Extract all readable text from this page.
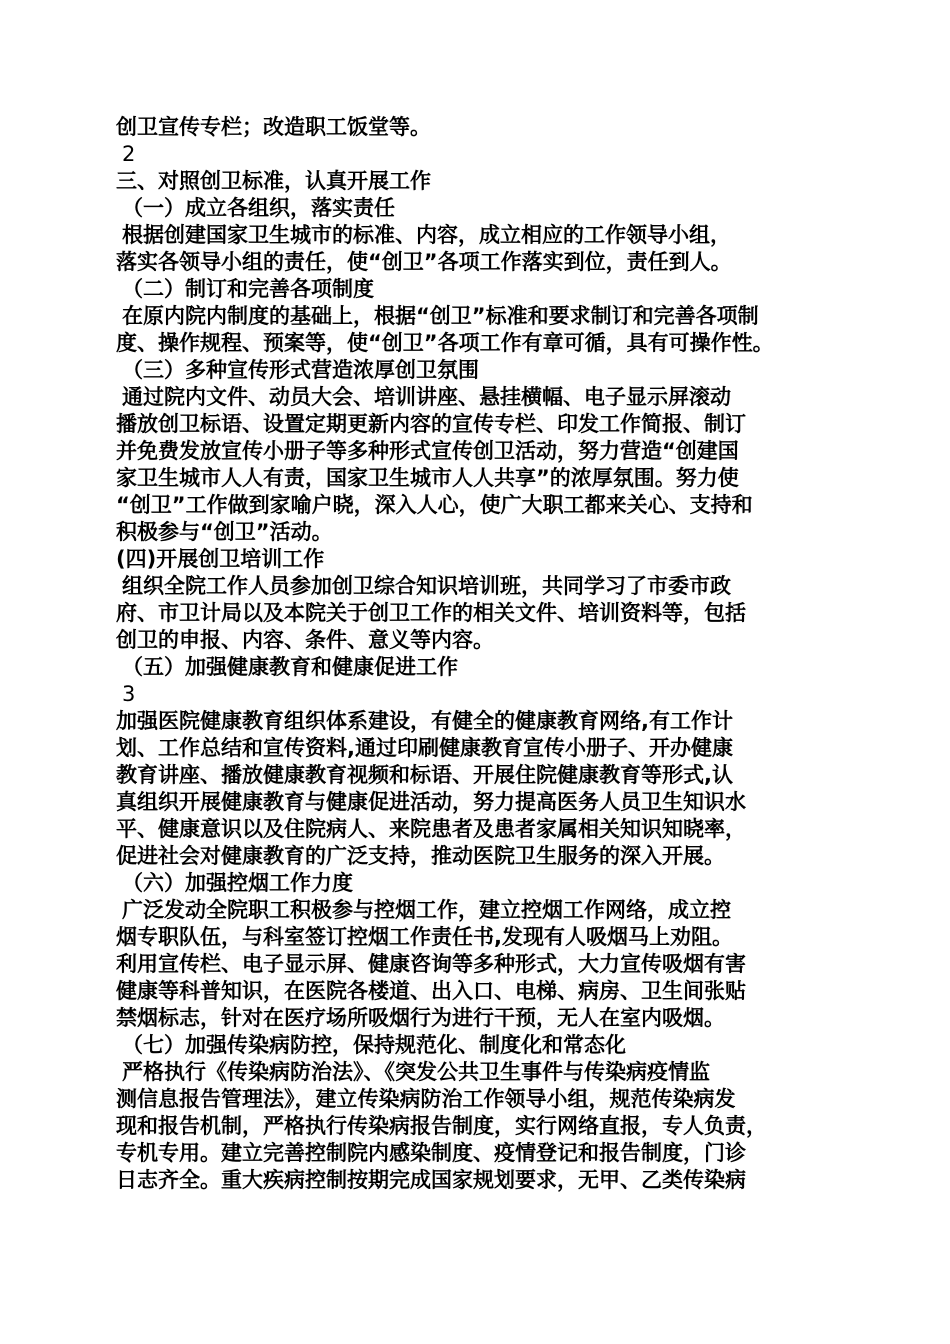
创卫宣传专栏；改造职工饭堂等。
2
三、对照创卫标准，认真开展工作
（一）成立各组织，落实责任
根据创建国家卫生城市的标准、内容，成立相应的工作领导小组，
落实各领导小组的责任，使“创卫”各项工作落实到位，责任到人。
（二）制订和完善各项制度
在原内院内制度的基础上，根据“创卫”标准和要求制订和完善各项制
度、操作规程、预案等，使“创卫”各项工作有章可循，具有可操作性。
（三）多种宣传形式营造浓厚创卫氛围
通过院内文件、动员大会、培训讲座、悬挂横幅、电子显示屏滚动
播放创卫标语、设置定期更新内容的宣传专栏、印发工作简报、制订
并免费发放宣传小册子等多种形式宣传创卫活动，努力营造“创建国
家卫生城市人人有责，国家卫生城市人人共享”的浓厚氛围。努力使
“创卫”工作做到家喻户晓，深入人心，使广大职工都来关心、支持和
积极参与“创卫”活动。
(四)开展创卫培训工作
组织全院工作人员参加创卫综合知识培训班，共同学习了市委市政
府、市卫计局以及本院关于创卫工作的相关文件、培训资料等，包括
创卫的申报、内容、条件、意义等内容。
（五）加强健康教育和健康促进工作
3
加强医院健康教育组织体系建设，有健全的健康教育网络,有工作计
划、工作总结和宣传资料,通过印刷健康教育宣传小册子、开办健康
教育讲座、播放健康教育视频和标语、开展住院健康教育等形式,认
真组织开展健康教育与健康促进活动，努力提高医务人员卫生知识水
平、健康意识以及住院病人、来院患者及患者家属相关知识知晓率，
促进社会对健康教育的广泛支持，推动医院卫生服务的深入开展。
（六）加强控烟工作力度
广泛发动全院职工积极参与控烟工作，建立控烟工作网络，成立控
烟专职队伍，与科室签订控烟工作责任书,发现有人吸烟马上劝阻。
利用宣传栏、电子显示屏、健康咨询等多种形式，大力宣传吸烟有害
健康等科普知识，在医院各楼道、出入口、电梯、病房、卫生间张贴
禁烟标志，针对在医疗场所吸烟行为进行干预，无人在室内吸烟。
（七）加强传染病防控，保持规范化、制度化和常态化
严格执行《传染病防治法》、《突发公共卫生事件与传染病疫情监
测信息报告管理法》，建立传染病防治工作领导小组，规范传染病发
现和报告机制，严格执行传染病报告制度，实行网络直报，专人负责，
专机专用。建立完善控制院内感染制度、疫情登记和报告制度，门诊
日志齐全。重大疾病控制按期完成国家规划要求，无甲、乙类传染病
